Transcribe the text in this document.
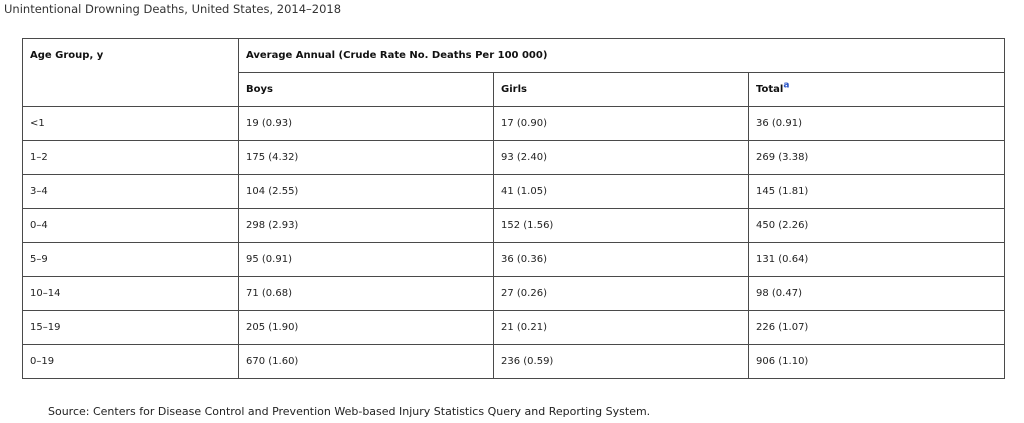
Unintentional Drowning Deaths, United States, 2014–2018
Age Group, y	Average Annual (Crude Rate No. Deaths Per 100 000)		
	Boys	Girls	Totala
<1	19 (0.93)	17 (0.90)	36 (0.91)
1–2	175 (4.32)	93 (2.40)	269 (3.38)
3–4	104 (2.55)	41 (1.05)	145 (1.81)
0–4	298 (2.93)	152 (1.56)	450 (2.26)
5–9	95 (0.91)	36 (0.36)	131 (0.64)
10–14	71 (0.68)	27 (0.26)	98 (0.47)
15–19	205 (1.90)	21 (0.21)	226 (1.07)
0–19	670 (1.60)	236 (0.59)	906 (1.10)
Source: Centers for Disease Control and Prevention Web-based Injury Statistics Query and Reporting System.
